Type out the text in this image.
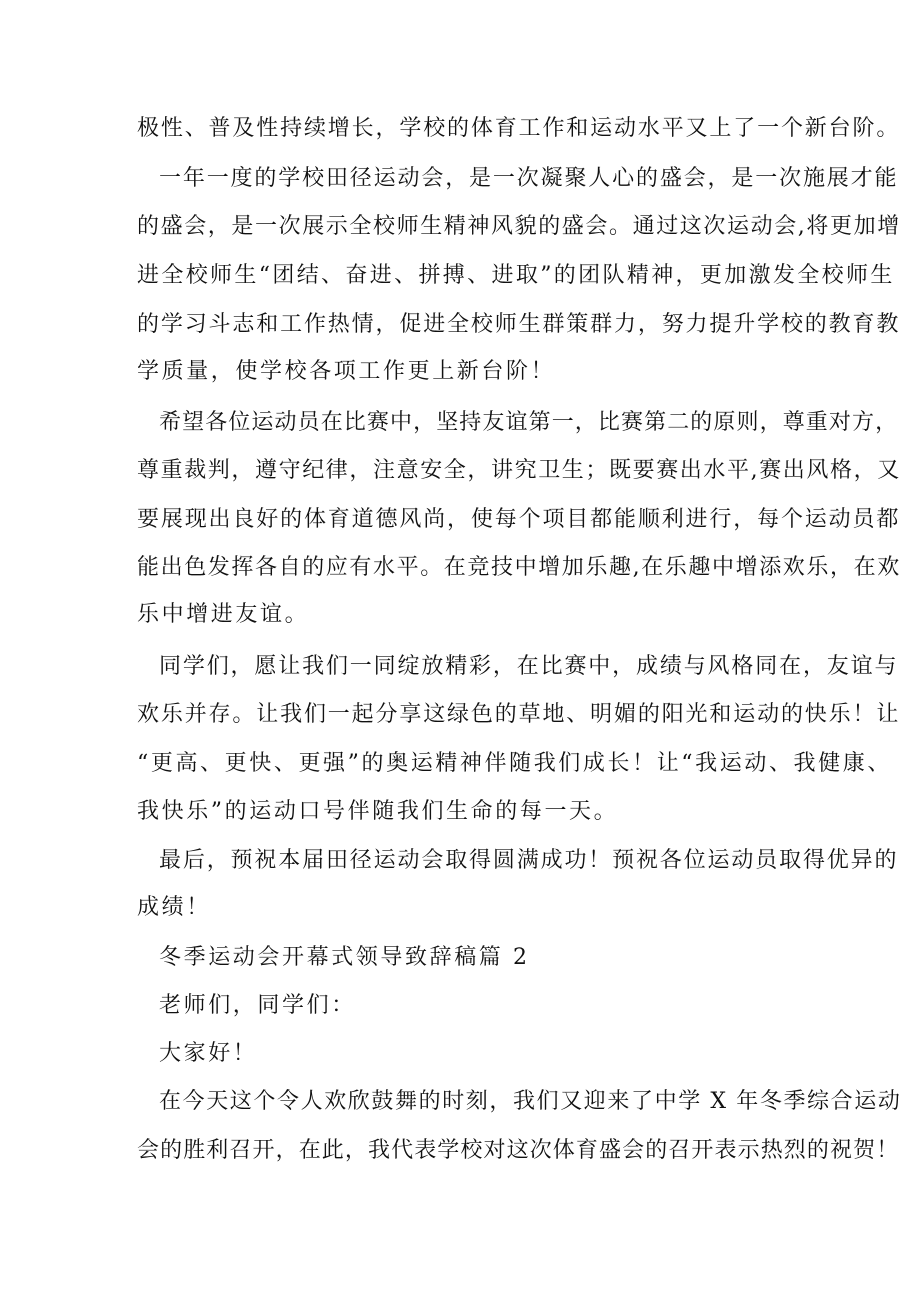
极性、普及性持续增长，学校的体育工作和运动水平又上了一个新台阶。
一年一度的学校田径运动会，是一次凝聚人心的盛会，是一次施展才能
的盛会，是一次展示全校师生精神风貌的盛会。通过这次运动会,将更加增
进全校师生“团结、奋进、拼搏、进取”的团队精神，更加激发全校师生
的学习斗志和工作热情，促进全校师生群策群力，努力提升学校的教育教
学质量，使学校各项工作更上新台阶！
希望各位运动员在比赛中，坚持友谊第一，比赛第二的原则，尊重对方，
尊重裁判，遵守纪律，注意安全，讲究卫生；既要赛出水平,赛出风格，又
要展现出良好的体育道德风尚，使每个项目都能顺利进行，每个运动员都
能出色发挥各自的应有水平。在竞技中增加乐趣,在乐趣中增添欢乐，在欢
乐中增进友谊。
同学们，愿让我们一同绽放精彩，在比赛中，成绩与风格同在，友谊与
欢乐并存。让我们一起分享这绿色的草地、明媚的阳光和运动的快乐！让
“更高、更快、更强”的奥运精神伴随我们成长！让“我运动、我健康、
我快乐”的运动口号伴随我们生命的每一天。
最后，预祝本届田径运动会取得圆满成功！预祝各位运动员取得优异的
成绩！
冬季运动会开幕式领导致辞稿篇 2
老师们，同学们：
大家好！
在今天这个令人欢欣鼓舞的时刻，我们又迎来了中学 X 年冬季综合运动
会的胜利召开，在此，我代表学校对这次体育盛会的召开表示热烈的祝贺！
